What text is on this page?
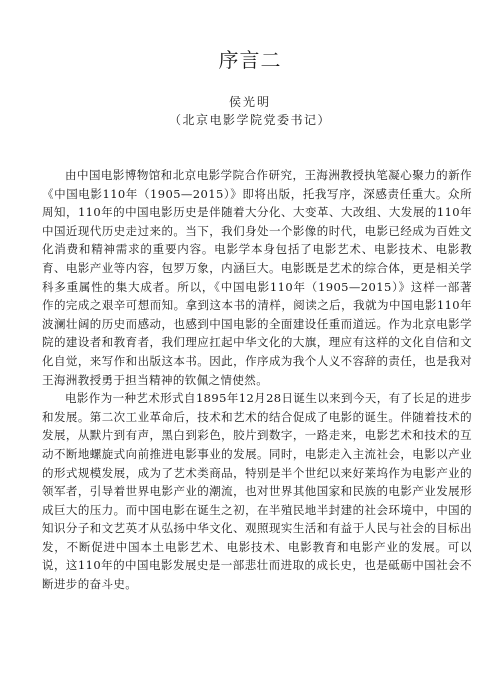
序言二
侯光明
（北京电影学院党委书记）

由中国电影博物馆和北京电影学院合作研究，王海洲教授执笔凝心聚力的新作《中国电影110年（1905—2015）》即将出版，托我写序，深感责任重大。众所周知，110年的中国电影历史是伴随着大分化、大变革、大改组、大发展的110年中国近现代历史走过来的。当下，我们身处一个影像的时代，电影已经成为百姓文化消费和精神需求的重要内容。电影学本身包括了电影艺术、电影技术、电影教育、电影产业等内容，包罗万象，内涵巨大。电影既是艺术的综合体，更是相关学科多重属性的集大成者。所以，《中国电影110年（1905—2015）》这样一部著作的完成之艰辛可想而知。拿到这本书的清样，阅读之后，我就为中国电影110年波澜壮阔的历史而感动，也感到中国电影的全面建设任重而道远。作为北京电影学院的建设者和教育者，我们理应扛起中华文化的大旗，理应有这样的文化自信和文化自觉，来写作和出版这本书。因此，作序成为我个人义不容辞的责任，也是我对王海洲教授勇于担当精神的钦佩之情使然。

电影作为一种艺术形式自1895年12月28日诞生以来到今天，有了长足的进步和发展。第二次工业革命后，技术和艺术的结合促成了电影的诞生。伴随着技术的发展，从默片到有声，黑白到彩色，胶片到数字，一路走来，电影艺术和技术的互动不断地螺旋式向前推进电影事业的发展。同时，电影走入主流社会，电影以产业的形式规模发展，成为了艺术类商品，特别是半个世纪以来好莱坞作为电影产业的领军者，引导着世界电影产业的潮流，也对世界其他国家和民族的电影产业发展形成巨大的压力。而中国电影在诞生之初，在半殖民地半封建的社会环境中，中国的知识分子和文艺英才从弘扬中华文化、观照现实生活和有益于人民与社会的目标出发，不断促进中国本土电影艺术、电影技术、电影教育和电影产业的发展。可以说，这110年的中国电影发展史是一部悲壮而进取的成长史，也是砥砺中国社会不断进步的奋斗史。
